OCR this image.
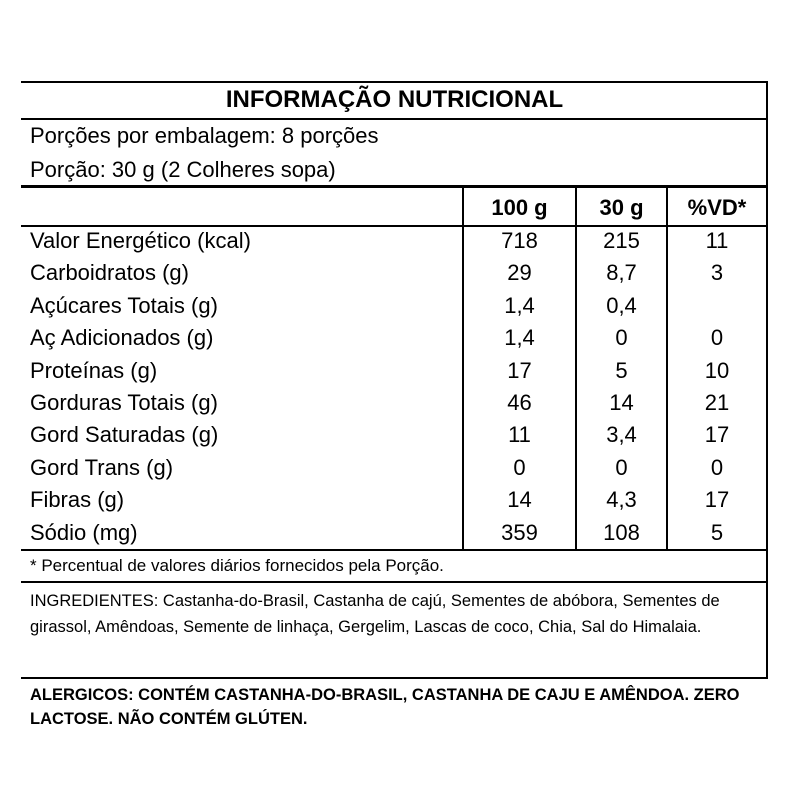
INFORMAÇÃO NUTRICIONAL
Porções por embalagem: 8 porções
Porção: 30 g (2 Colheres sopa)
100 g	30 g	%VD*
Valor Energético (kcal)	718	215	11
Carboidratos (g)	29	8,7	3
Açúcares Totais (g)	1,4	0,4
Aç Adicionados (g)	1,4	0	0
Proteínas (g)	17	5	10
Gorduras Totais (g)	46	14	21
Gord Saturadas (g)	11	3,4	17
Gord Trans (g)	0	0	0
Fibras (g)	14	4,3	17
Sódio (mg)	359	108	5
* Percentual de valores diários fornecidos pela Porção.
INGREDIENTES: Castanha-do-Brasil, Castanha de cajú, Sementes de abóbora, Sementes de girassol, Amêndoas, Semente de linhaça, Gergelim, Lascas de coco, Chia, Sal do Himalaia.
ALERGICOS: CONTÉM CASTANHA-DO-BRASIL, CASTANHA DE CAJU E AMÊNDOA. ZERO LACTOSE. NÃO CONTÉM GLÚTEN.
